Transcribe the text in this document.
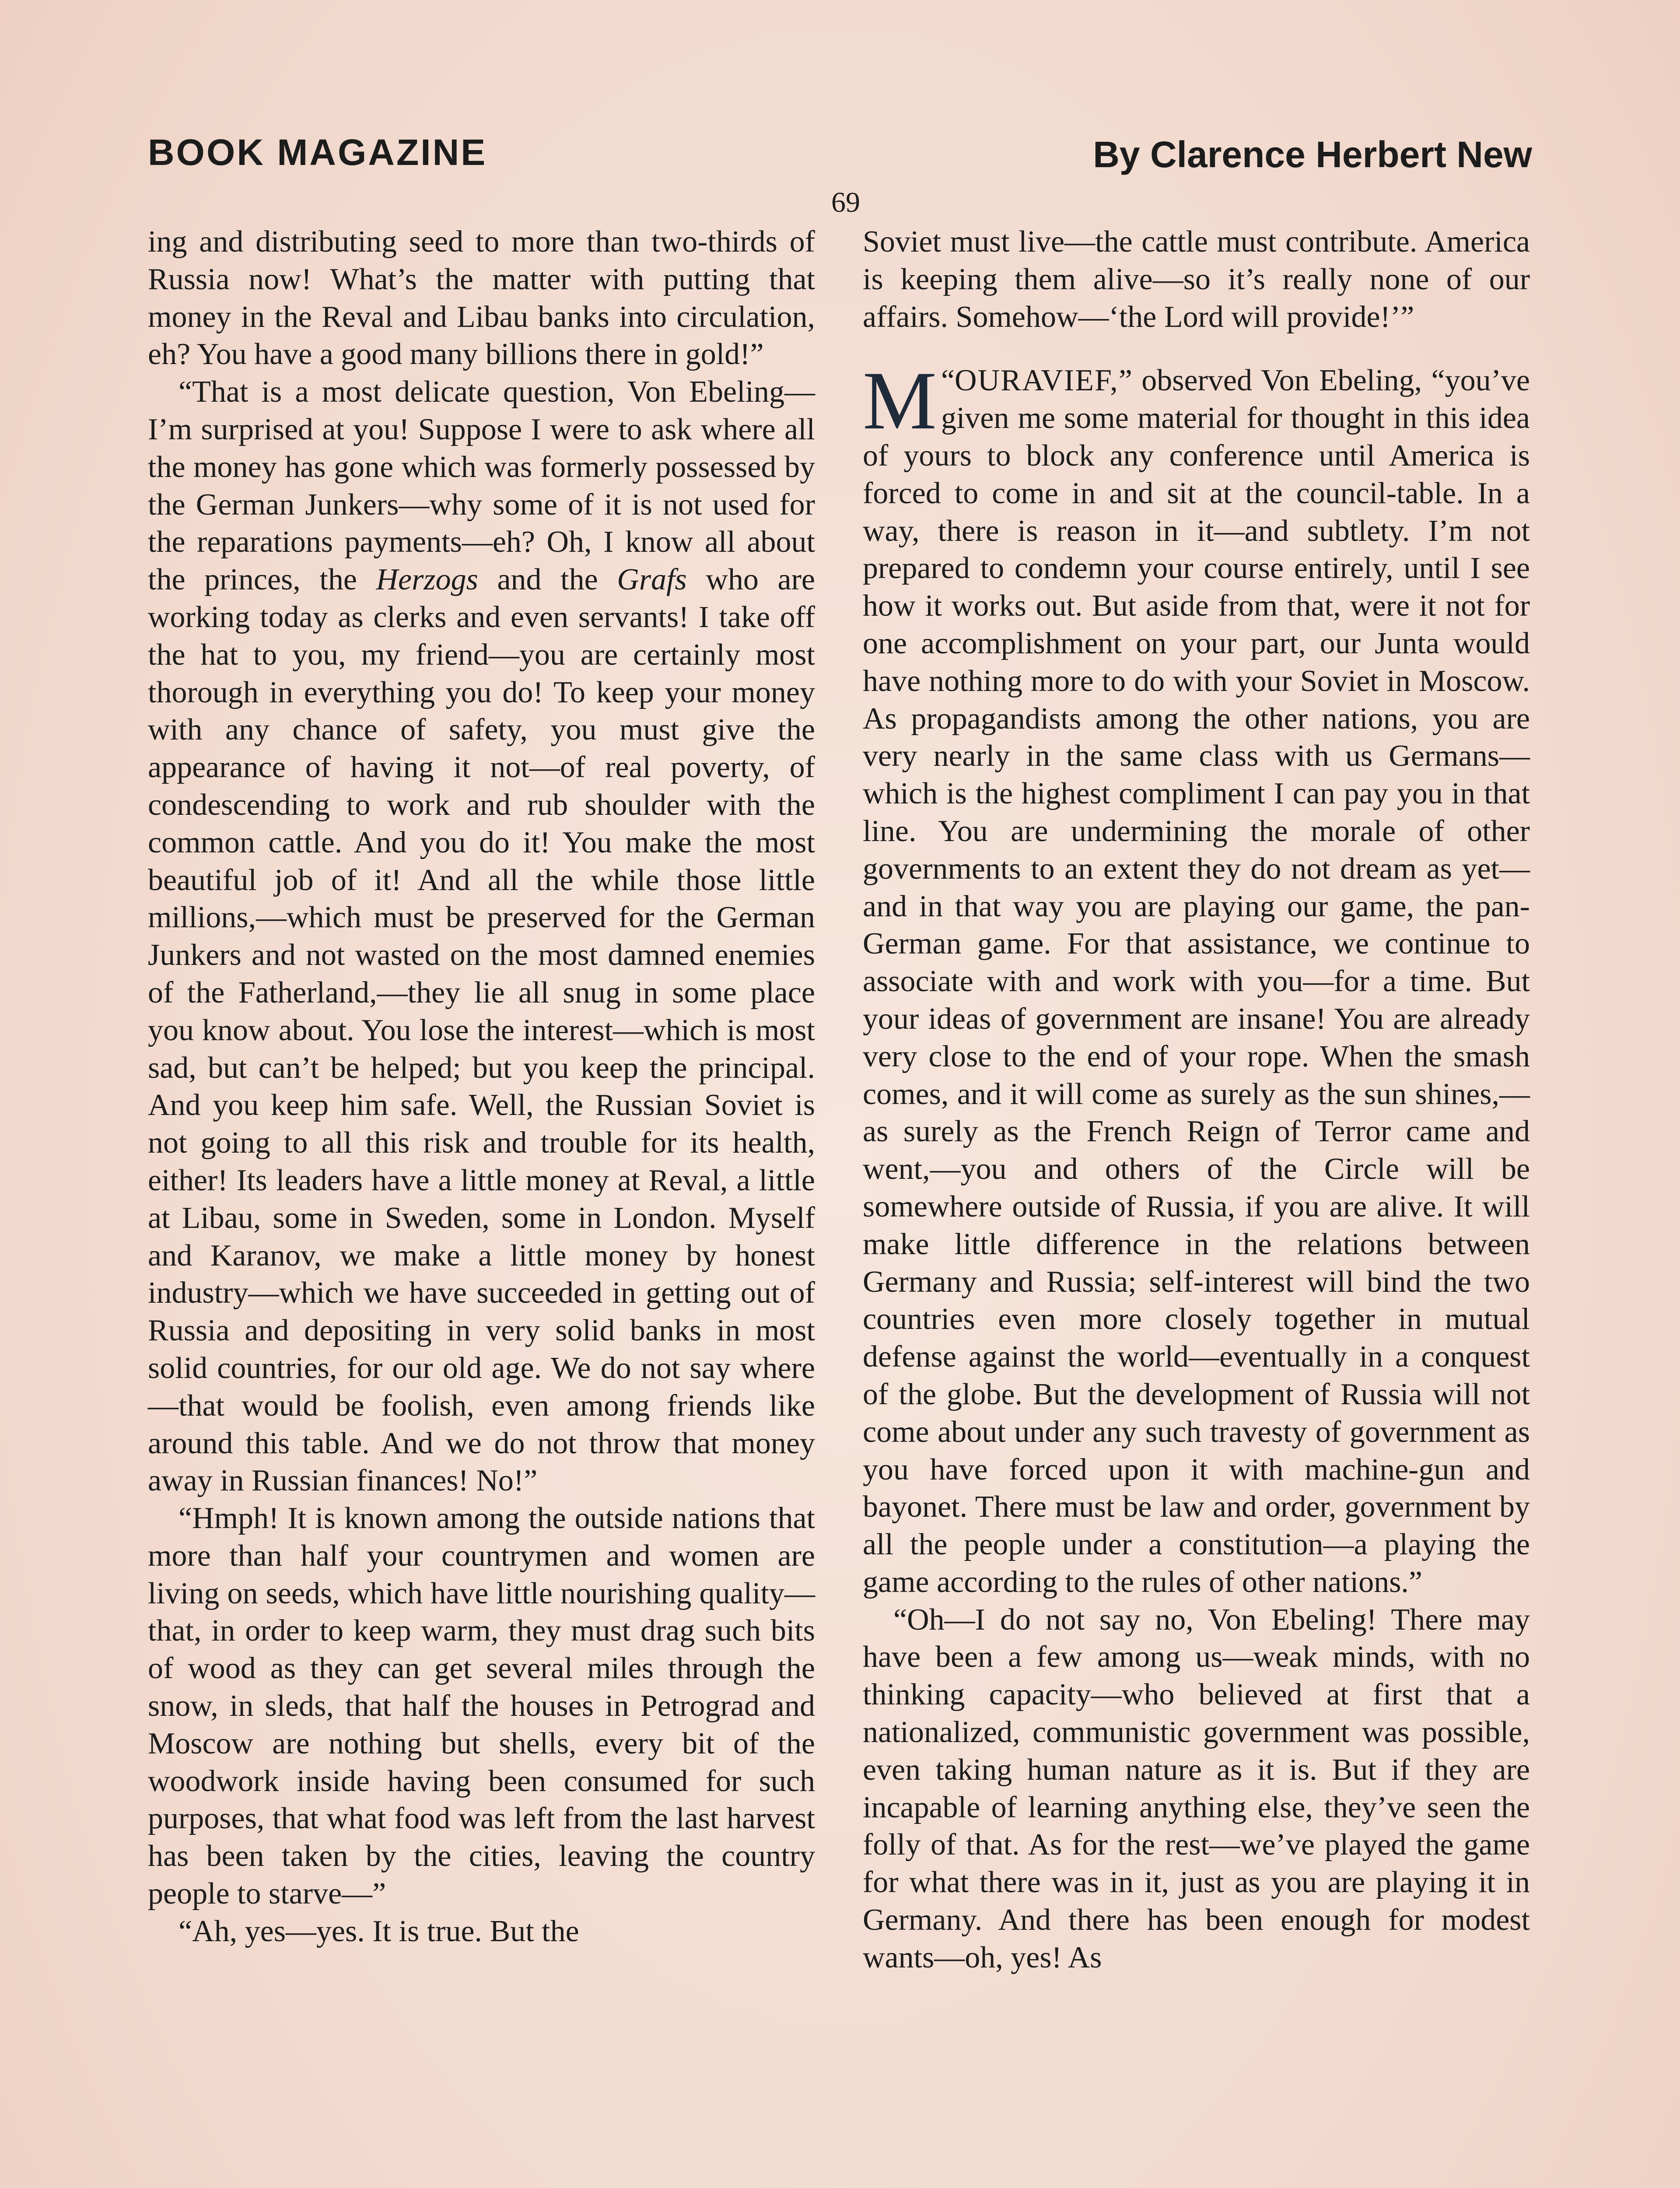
BOOK MAGAZINE	By Clarence Herbert New
69

ing and distributing seed to more than two-thirds of Russia now! What’s the matter with putting that money in the Reval and Libau banks into circulation, eh? You have a good many billions there in gold!”

“That is a most delicate question, Von Ebeling—I’m surprised at you! Suppose I were to ask where all the money has gone which was formerly possessed by the German Junkers—why some of it is not used for the reparations payments—eh? Oh, I know all about the princes, the Herzogs and the Grafs who are working today as clerks and even servants! I take off the hat to you, my friend—you are certainly most thorough in everything you do! To keep your money with any chance of safety, you must give the appearance of having it not—of real poverty, of condescending to work and rub shoulder with the common cattle. And you do it! You make the most beautiful job of it! And all the while those little millions,—which must be preserved for the German Junkers and not wasted on the most damned enemies of the Fatherland,—they lie all snug in some place you know about. You lose the interest—which is most sad, but can’t be helped; but you keep the principal. And you keep him safe. Well, the Russian Soviet is not going to all this risk and trouble for its health, either! Its leaders have a little money at Reval, a little at Libau, some in Sweden, some in London. Myself and Karanov, we make a little money by honest industry—which we have succeeded in getting out of Russia and depositing in very solid banks in most solid countries, for our old age. We do not say where—that would be foolish, even among friends like around this table. And we do not throw that money away in Russian finances! No!”

“Hmph! It is known among the outside nations that more than half your countrymen and women are living on seeds, which have little nourishing quality—that, in order to keep warm, they must drag such bits of wood as they can get several miles through the snow, in sleds, that half the houses in Petrograd and Moscow are nothing but shells, every bit of the woodwork inside having been consumed for such purposes, that what food was left from the last harvest has been taken by the cities, leaving the country people to starve—”

“Ah, yes—yes. It is true. But the

Soviet must live—the cattle must contribute. America is keeping them alive—so it’s really none of our affairs. Somehow—‘the Lord will provide!’”

“
M OURAVIEF,” observed Von Ebeling, “you’ve given me some material for thought in this idea of yours to block any conference until America is forced to come in and sit at the council-table. In a way, there is reason in it—and subtlety. I’m not prepared to condemn your course entirely, until I see how it works out. But aside from that, were it not for one accomplishment on your part, our Junta would have nothing more to do with your Soviet in Moscow. As propagandists among the other nations, you are very nearly in the same class with us Germans—which is the highest compliment I can pay you in that line. You are undermining the morale of other governments to an extent they do not dream as yet—and in that way you are playing our game, the pan-German game. For that assistance, we continue to associate with and work with you—for a time. But your ideas of government are insane! You are already very close to the end of your rope. When the smash comes, and it will come as surely as the sun shines,—as surely as the French Reign of Terror came and went,—you and others of the Circle will be somewhere outside of Russia, if you are alive. It will make little difference in the relations between Germany and Russia; self-interest will bind the two countries even more closely together in mutual defense against the world—eventually in a conquest of the globe. But the development of Russia will not come about under any such travesty of government as you have forced upon it with machine-gun and bayonet. There must be law and order, government by all the people under a constitution—a playing the game according to the rules of other nations.”

“Oh—I do not say no, Von Ebeling! There may have been a few among us—weak minds, with no thinking capacity—who believed at first that a nationalized, communistic government was possible, even taking human nature as it is. But if they are incapable of learning anything else, they’ve seen the folly of that. As for the rest—we’ve played the game for what there was in it, just as you are playing it in Germany. And there has been enough for modest wants—oh, yes! As
